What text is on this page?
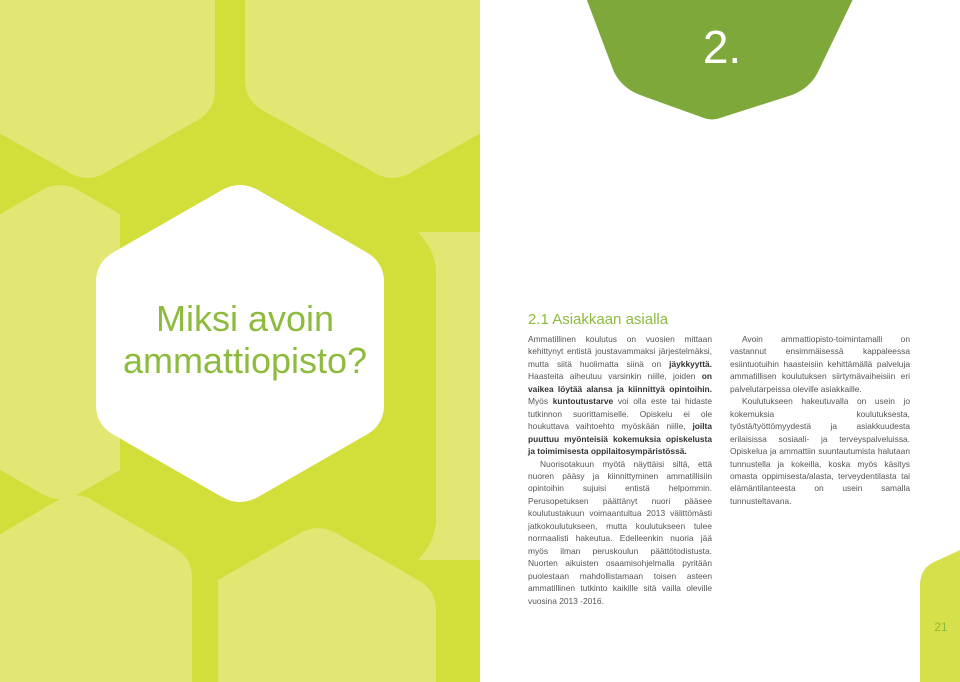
Miksi avoin
ammattiopisto?
2.
21
2.1 Asiakkaan asialla

Ammatillinen koulutus on vuosien mittaan kehittynyt entistä joustavammaksi järjestelmäksi, mutta siitä huolimatta siinä on jäykkyyttä. Haasteita aiheutuu varsinkin niille, joiden on vaikea löytää alansa ja kiinnittyä opintoihin. Myös kuntoutustarve voi olla este tai hidaste tutkinnon suorittamiselle. Opiskelu ei ole houkuttava vaihtoehto myöskään niille, joilta puuttuu myönteisiä kokemuksia opiskelusta ja toimimisesta oppilaitosympäristössä.

Nuorisotakuun myötä näyttäisi siltä, että nuoren pääsy ja kiinnittyminen ammatillisiin opintoihin sujuisi entistä helpommin. Perusopetuksen päättänyt nuori pääsee koulutustakuun voimaantultua 2013 välittömästi jatkokoulutukseen, mutta koulutukseen tulee normaalisti hakeutua. Edelleenkin nuoria jää myös ilman peruskoulun päättötodistusta. Nuorten aikuisten osaamisohjelmalla pyritään puolestaan mahdollistamaan toisen asteen ammatillinen tutkinto kaikille sitä vailla oleville vuosina 2013 -2016.

Avoin ammattiopisto-toimintamalli on vastannut ensimmäisessä kappaleessa esiintuotuihin haasteisiin kehittämällä palveluja ammatillisen koulutuksen siirtymävaiheisiin eri palvelutarpeissa oleville asiakkaille.

Koulutukseen hakeutuvalla on usein jo kokemuksia koulutuksesta, työstä/työttömyydestä ja asiakkuudesta erilaisissa sosiaali- ja terveyspalveluissa. Opiskelua ja ammattiin suuntautumista halutaan tunnustella ja kokeilla, koska myös käsitys omasta oppimisesta/alasta, terveydentilasta tai elämäntilanteesta on usein samalla tunnusteltavana.
